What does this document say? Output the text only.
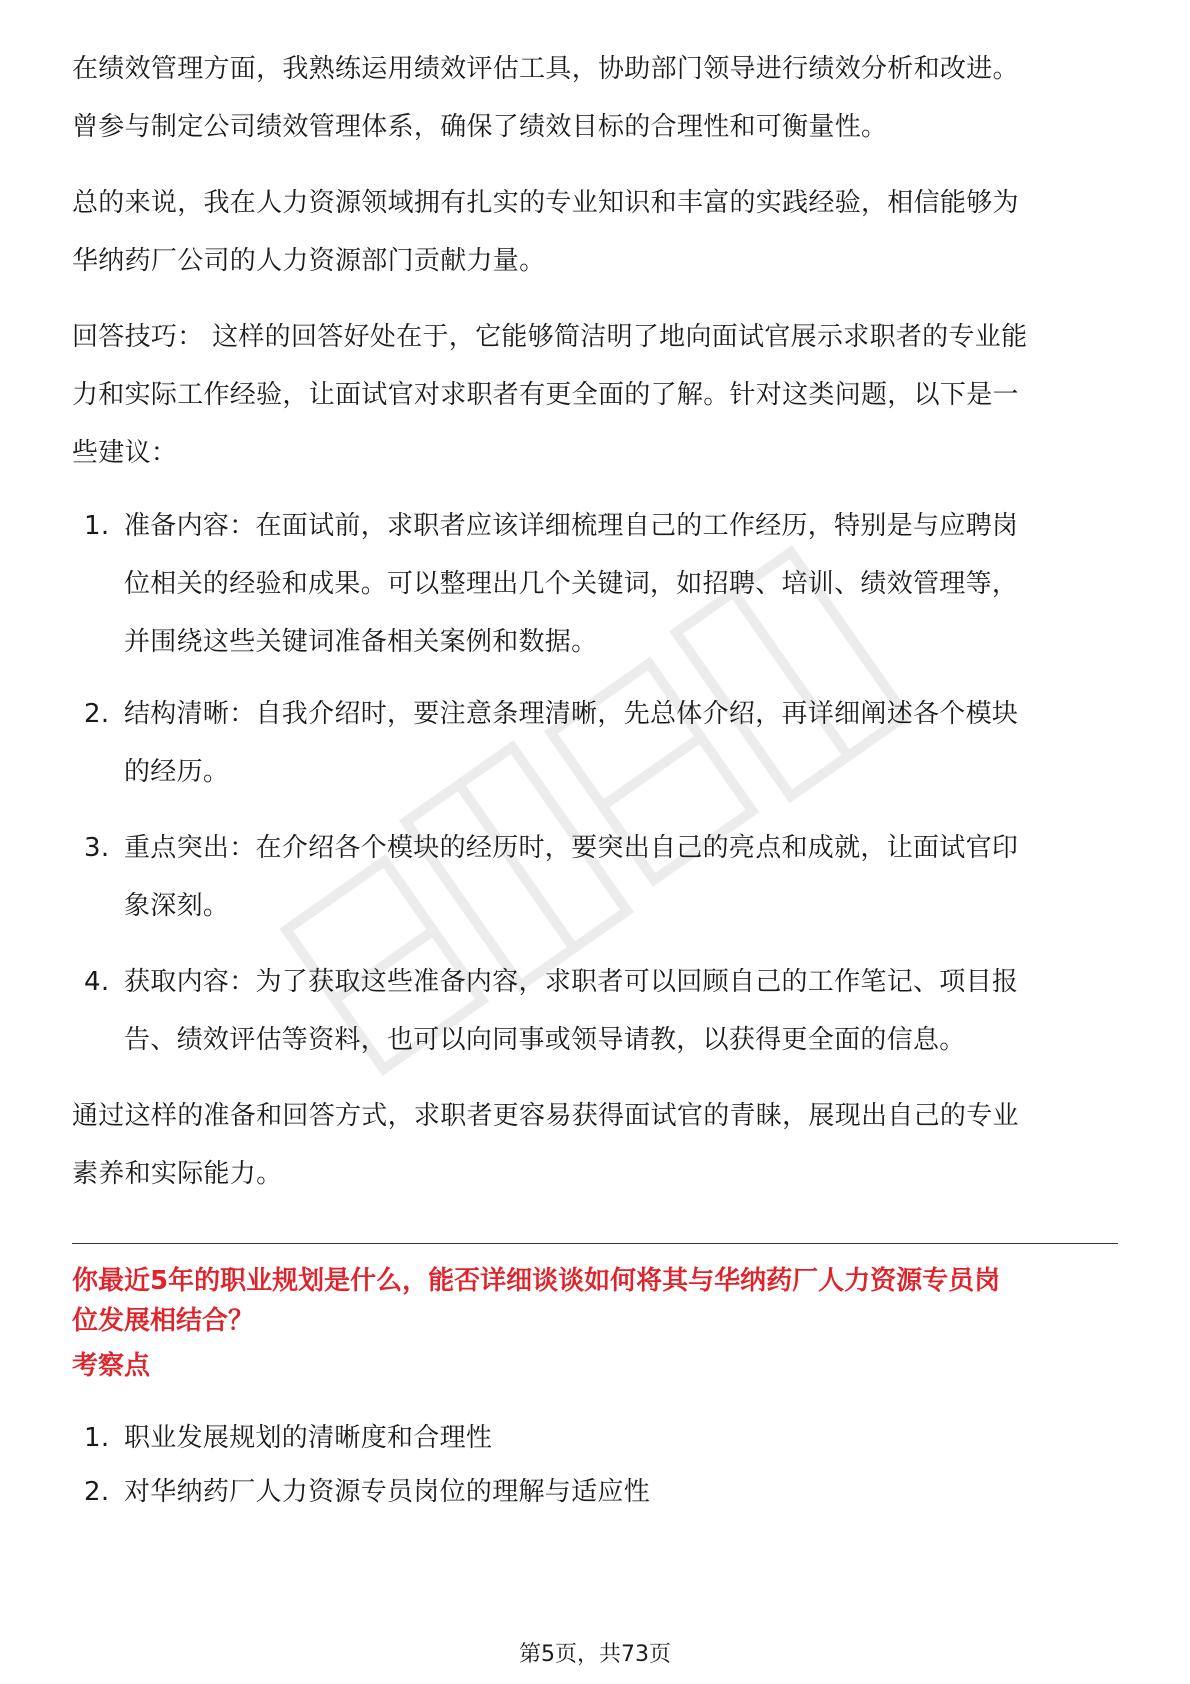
在绩效管理方面，我熟练运用绩效评估工具，协助部门领导进行绩效分析和改进。
曾参与制定公司绩效管理体系，确保了绩效目标的合理性和可衡量性。
总的来说，我在人力资源领域拥有扎实的专业知识和丰富的实践经验，相信能够为
华纳药厂公司的人力资源部门贡献力量。
回答技巧： 这样的回答好处在于，它能够简洁明了地向面试官展示求职者的专业能
力和实际工作经验，让面试官对求职者有更全面的了解。针对这类问题，以下是一
些建议：
1. 准备内容：在面试前，求职者应该详细梳理自己的工作经历，特别是与应聘岗
位相关的经验和成果。可以整理出几个关键词，如招聘、培训、绩效管理等，
并围绕这些关键词准备相关案例和数据。
2. 结构清晰：自我介绍时，要注意条理清晰，先总体介绍，再详细阐述各个模块
的经历。
3. 重点突出：在介绍各个模块的经历时，要突出自己的亮点和成就，让面试官印
象深刻。
4. 获取内容：为了获取这些准备内容，求职者可以回顾自己的工作笔记、项目报
告、绩效评估等资料，也可以向同事或领导请教，以获得更全面的信息。
通过这样的准备和回答方式，求职者更容易获得面试官的青睐，展现出自己的专业
素养和实际能力。
你最近5年的职业规划是什么，能否详细谈谈如何将其与华纳药厂人力资源专员岗
位发展相结合？
考察点
1. 职业发展规划的清晰度和合理性
2. 对华纳药厂人力资源专员岗位的理解与适应性
第5页，共73页
